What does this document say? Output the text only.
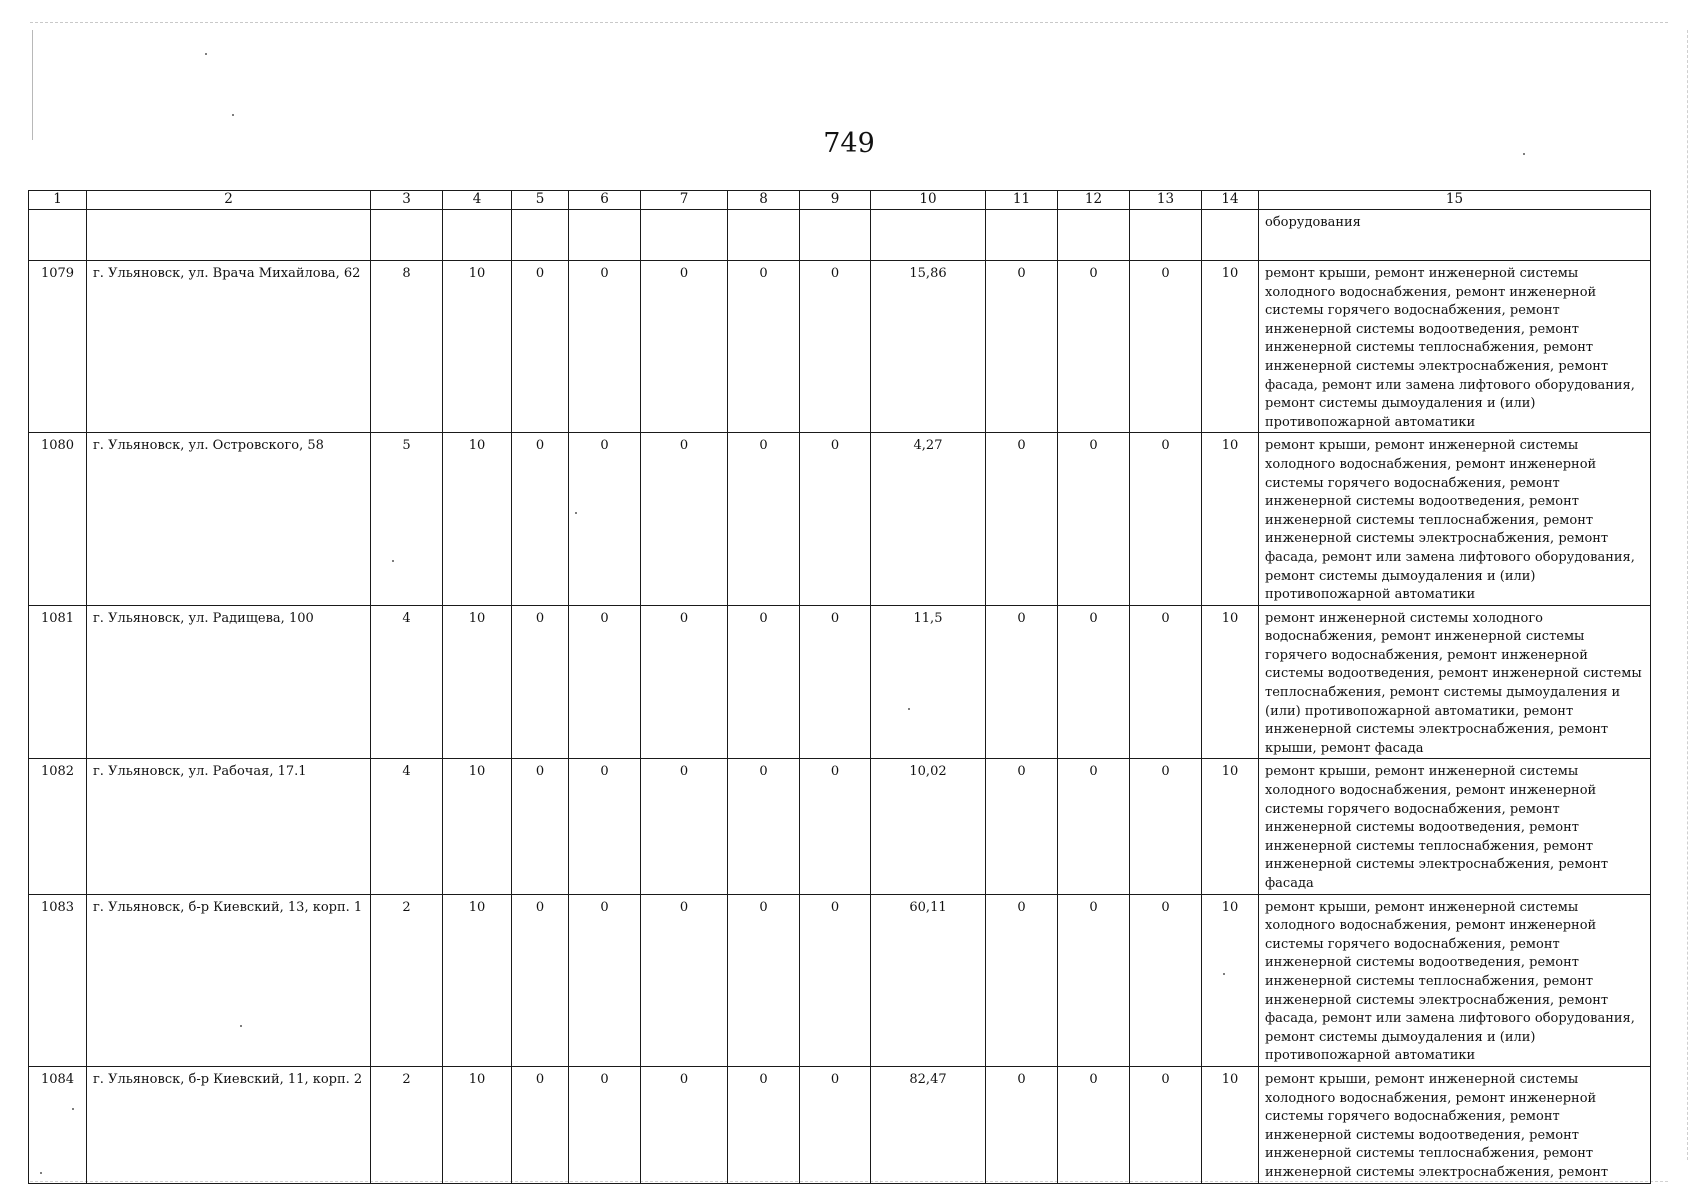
749
1	2	3	4	5	6	7	8	9	10	11	12	13	14	15
														оборудования
1079	г. Ульяновск, ул. Врача Михайлова, 62	8	10	0	0	0	0	0	15,86	0	0	0	10	ремонт крыши, ремонт инженерной системы холодного водоснабжения, ремонт инженерной системы горячего водоснабжения, ремонт инженерной системы водоотведения, ремонт инженерной системы теплоснабжения, ремонт инженерной системы электроснабжения, ремонт фасада, ремонт или замена лифтового оборудования, ремонт системы дымоудаления и (или) противопожарной автоматики
1080	г. Ульяновск, ул. Островского, 58	5	10	0	0	0	0	0	4,27	0	0	0	10	ремонт крыши, ремонт инженерной системы холодного водоснабжения, ремонт инженерной системы горячего водоснабжения, ремонт инженерной системы водоотведения, ремонт инженерной системы теплоснабжения, ремонт инженерной системы электроснабжения, ремонт фасада, ремонт или замена лифтового оборудования, ремонт системы дымоудаления и (или) противопожарной автоматики
1081	г. Ульяновск, ул. Радищева, 100	4	10	0	0	0	0	0	11,5	0	0	0	10	ремонт инженерной системы холодного водоснабжения, ремонт инженерной системы горячего водоснабжения, ремонт инженерной системы водоотведения, ремонт инженерной системы теплоснабжения, ремонт системы дымоудаления и (или) противопожарной автоматики, ремонт инженерной системы электроснабжения, ремонт крыши, ремонт фасада
1082	г. Ульяновск, ул. Рабочая, 17.1	4	10	0	0	0	0	0	10,02	0	0	0	10	ремонт крыши, ремонт инженерной системы холодного водоснабжения, ремонт инженерной системы горячего водоснабжения, ремонт инженерной системы водоотведения, ремонт инженерной системы теплоснабжения, ремонт инженерной системы электроснабжения, ремонт фасада
1083	г. Ульяновск, б-р Киевский, 13, корп. 1	2	10	0	0	0	0	0	60,11	0	0	0	10	ремонт крыши, ремонт инженерной системы холодного водоснабжения, ремонт инженерной системы горячего водоснабжения, ремонт инженерной системы водоотведения, ремонт инженерной системы теплоснабжения, ремонт инженерной системы электроснабжения, ремонт фасада, ремонт или замена лифтового оборудования, ремонт системы дымоудаления и (или) противопожарной автоматики
1084	г. Ульяновск, б-р Киевский, 11, корп. 2	2	10	0	0	0	0	0	82,47	0	0	0	10	ремонт крыши, ремонт инженерной системы холодного водоснабжения, ремонт инженерной системы горячего водоснабжения, ремонт инженерной системы водоотведения, ремонт инженерной системы теплоснабжения, ремонт инженерной системы электроснабжения, ремонт
